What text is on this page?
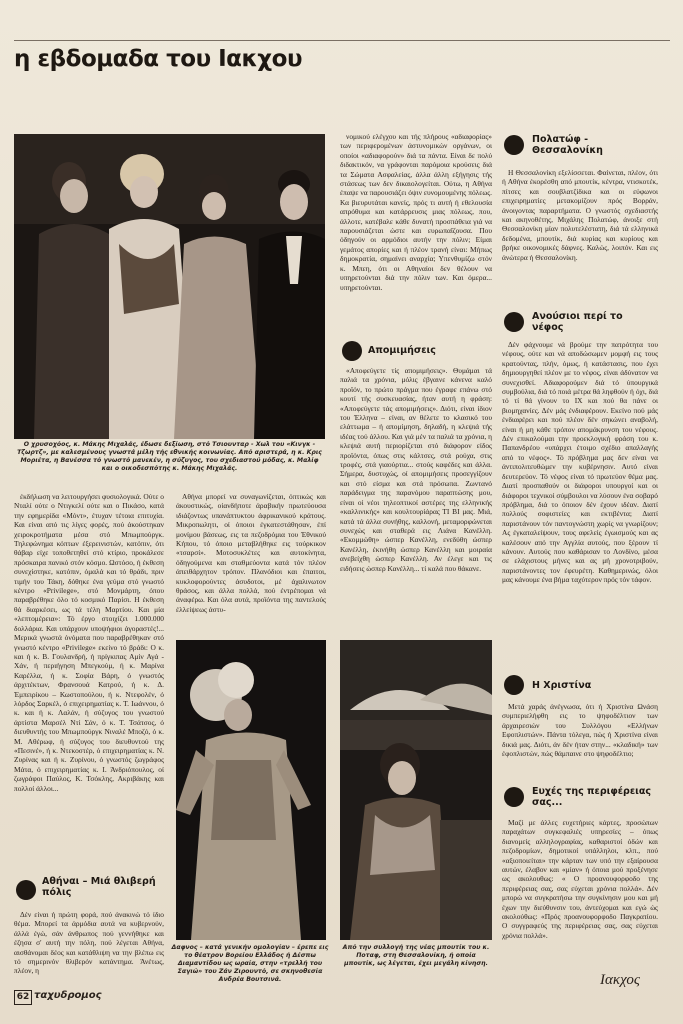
η εβδομαδα του Ιακχου
Ο χρυσοχόος, κ. Μάκης Μιχαλάς, έδωσε δεξίωση, στό Τσιουνταρ - Χωλ του «Κινγκ - Τζωρτζ», με καλεσμένους γνωστά μέλη τής εθνικής κοινωνίας. Από αριστερά, η κ. Κρις Μοριέτα, η Βανέσσα τό γνωστό μανεκέν, η σύζυγος, του σχεδιαστού μόδας, κ. Μαλίφ και ο οικοδεσπότης κ. Μάκης Μιχαλάς.

νομικού ελέγχου και τής πλήρους «αδιαφορίας» των περιφερομένων άστυνομικών οργάνων, οι οποίοι «αδιαφορούν» διά τα πάντα. Είναι δε πολύ διδακτικόν, να γράφονται παρόμοια κρούσεις διά τα Σώματα Ασφαλείας, άλλα άλλη εξήγησις τής στάσεως των δεν δικαιολογείται. Ούτω, η Αθήνα έπαψε να παρουσιάζει όψιν ευνομουμένης πόλεως. Κα βιευρυτάται κανείς, πρός τι αυτή ή εθελουσία απρόθυμα και κατάρρευσις μιας πόλεως, που, άλλοτε, κατέβαλε κάθε δυνατή προσπάθεια γιά να παρουσιάζεται ώστε και ευρωπαΐζουσα. Που όδηγούν οι αρμόδιοι αυτήν την πόλιν; Είμαι γεμάτος απορίες και ή πλέον τρανή είναι: Μήπως δημοκρατία, σημαίνει αναρχία; Υπενθυμίζω στόν κ. Μπεη, ότι οι Αθηναίοι δεν θέλουν να υπηρετούνται διά την πόλιν των. Και όμερα... υπηρετούνται.

Απομιμήσεις

«Αποφεύγετε τίς απομιμήσεις». Θυμάμαι τά παλιά τα χρόνια, μόλις έβγαινε κάνενα καλό προϊόν, το πρώτο πράγμα που έγραφε επάνω στό κουτί τής συσκευασίας, ήταν αυτή η φράση: «Αποφεύγετε τάς απομιμήσεις». Διότι, είναι ίδιον του Έλληνα – είναι, αν θέλετε το κλασικό του ελάττωμα – ή απομίμηση, δηλαδή, η κλεψιά τής ιδέας τού άλλου. Και γιά μέν τα παλιά τα χρόνια, η κλεψιά αυτή περιορίζεται στό διάφορον είδος προϊόντα, όπως στις κάλτσες, στά ρούχα, στις τροφές, στά γιαούρτια... στούς καφέδες και άλλα. Σήμερα, δυστυχώς, οί απομιμήσεις προσεγγίζουν και στό είσμα και στά πρόσωπα. Ζωντανό παράδειγμα της παρανόμου παραπτώσης μου, είναι οί νέοι τηλεοπτικοί αστέρες της ελληνικής «καλλινικής» και κουλτουρίάρας ΤΙ ΒΙ μας. Μιά, κατά τά άλλα συνήθης, καλλονή, μεταμορφώνεται συνεχώς και σταθερά εις Λιάνα Κανέλλη. «Εκομμώθη» ώσπερ Κανέλλη, ενεδύθη ώσπερ Κανέλλη, έκινήθη ώσπερ Κανέλλη και μοιραία ανεβείχθη ώσπερ Κανέλλη. Αν έλεγε και τις ειδήσεις ώσπερ Κανέλλη... τί καλά που θάκανε.

Πολατώφ - Θεσσαλονίκη

Η Θεσσαλονίκη εξελίσσεται. Φαίνεται, πλέον, ότι ή Αθήνα έκορέσθη από μπουτίκ, κέντρα, ντισκοτέκ, πίτσες και σουβλατζίδικα και οι εύφωνοι επιχειρηματίες μετακομίζουν πρός Βορράν, άνοιγοντας παραρτήματα. Ο γνωστός σχεδιαστής και ακηνοθέτης, Μιχάλης Πολατώφ, άνοιξε στή Θεσσαλονίκη μίαν πολυτελέστατη, διά τά ελληνικά δεδομένα, μπουτίκ, διά κυρίας και κυρίους και βρήκε οικονομικές δάφνες. Καλώς, λοιπόν. Και εις άνώτερα ή Θεσσαλονίκη.

Ανούσιοι περί το νέφος

Δέν φάχνουμε νά βρούμε την πατρότητα του νέφους, ούτε και νά αποδώσωμεν μομφή εις τους κρατούντας, πλήν, όμως, ή κατάστασις, που έχει δημιουργηθεί πλέον με το νέφος, είναι άδύνατον να συνεχισθεί. Αδιαφορούμεν διά τό ύπουργικά συμβούλια, διά τό ποιά μέτρα θά ληφθούν ή όχι, διά τό τί θά γίνουν το ΙΧ και πού θα πάνε οι βιομηχανίες. Δέν μάς ένδιαφέρουν. Εκείνο πού μάς ένδιαφέρει και πού πλέον δέν σηκώνει αναβολή, είναι ή μη κάθε τρόπον απομάκρυνση του νέφους. Δέν επικαλούμαι την προεκλογική φράση του κ. Παπανδρέου «υπάρχει έτοιμο σχέδιο απαλλαγής από το νέφος». Τό πρόβλημα μας δεν είναι να άντιπολιτευθώμεν την κυβέρνησιν. Αυτό είναι δευτερεύον. Τό νέφος είναι τό πρωτεύον θέμα μας. Διατί προσπαθούν οι διάφοροι υπουργοί και οι διάφοροι τεχνικοί σύμβουλοι να λύσουν ένα σοβαρό πρόβλημα, διά το όποιον δέν έχουν ιδέαν. Διατί πολλούς σοφιστείες και εκτιβέντα; Διατί παριστάνουν τόν παντογνώστη χωρίς να γνωρίζουν; Ας έγκαταλείψουν, τους αφελείς έγωισμούς και ας καλέσουν από την Αγγλία αυτούς, που ξέρουν τί κάνουν. Αυτούς που καθάρισαν το Λονδίνο, μέσα σε ελάχιστους μήνες και ας μή χρονοτριβούν, παριστάνοντες τον έφευρέτη. Καθημερινώς, όλοι μας κάνουμε ένα βήμα ταχύτερον πρός τόν τάφον.

Η Χριστίνα

Μετά χαράς άνέγνωσα, ότι ή Χριστίνα Ωνάση συμπεριελήφθη εις το ψηφοδέλτιον των άρχαιρεσιών του Συλλόγου «Ελλήνων Εφοπλιστών». Πάντα τόλεγα, πώς ή Χριστίνα είναι δικιά μας. Διότι, άν δέν ήταν στην... «κλαδική» των έφοπλιστών, πώς θάμπαινε στο ψηφοδέλτιο;

Ευχές της περιφέρειας σας...

Μαζί με άλλες ευχετήριες κάρτες, προσώπων παραχάτων συγκεφαλιές υπηρεσίες – όπως διανομείς αλληλογραφίας, καθαριστοί όδών και πεζοδρομίων, δημοτικοί υπάλληλοι, κλπ., πού «αξιοποιείται» την κάρταν των υπό την εξαίρουσα αυτών, έλαβον και «μίαν» ή όποια μού προξένησε ως ακολουθως: « Ο προανουφορφοδο της περιφέρειας σας, σας εύχεται χρόνια πολλά». Δέν μπορώ να συγκρατήσω την συγκίνησιν μου και μή έχων την διεύθυνσιν του, άντεύχομαι και εγώ ώς ακολούθως: «Πρός προανουφορφοδο Παγκρατίου. Ο συγγραφεύς της περιφέρειας σας, σας εύχεται χρόνια πολλά».

Ιακχος

έκδήλωση να λειτουργήσει φυσιολογικά. Ούτε ο Νταλί ούτε ο Ντιγκελί ούτε και ο Πικάσο, κατά την εφημερίδα «Μόντ», έτυχαν τέτοια επιτυχία. Και είναι από τις λίγες φορές, πού άκούστηκαν χειροκροτήματα μέσα στό Μπωμπούργκ. Τηλεφώνημα κόπτων έξερεινιστών, κατόπιν, ότι θάβαρ είχε τοποθετηθεί στό κτίριο, προκάλεσε πρόσκαιρα πανικό στόν κόσμο. Ωστόσο, ή έκθεση συνεχίστηκε, κατόπιν, όμαλά και τό θράδι, πριν τιμήν του Τάκη, δόθηκε ένα γεύμα στό γνωστό κέντρο «Privilege», στό Μονμάρτη, όπου παραβρέθηκε όλο τό κοσμικό Παρίσι. Η έκθεση θά διαρκέσει, ως τά τέλη Μαρτίου. Και μία «λεπτομέρεια»: Τό έργο στοιχίζει 1.000.000 δολλάρια. Και υπάρχουν υποψήφιοι άγοραστές!... Μερικά γνωστά όνόματα που παραβρέθηκαν στό γνωστό κέντρο «Privilege» εκείνο τό βράδι: Ο κ. και ή κ. Β. Γουλανδρή, ή πρίγκιπας Αμίν Αγά - Χάν, ή περιήγηση Μπεγκούμ, ή κ. Μαρίνα Καρέλλα, ή κ. Σοφία Βάρη, ό γνωστός άρχιτέκτων, Φρανσουά Κατρού, ή κ. Δ. Έμπειρίκου – Κωστοπούλου, ή κ. Ντεφολέν, ό λόρδος Σαρκέλ, ό επιχειρηματίας κ. Τ. Ιωάννου, ό κ. και ή κ. Λαλάν, ή σύζυγος του γνωστού άρτίστα Μαρσέλ Ντί Σάν, ό κ. Τ. Τσάτσος, ό διευθυντής του Μπωμπούργκ Νιναλέ Μποζό, ό κ. Μ. Αθέρωφ, ή σύζυγος του διευθυντού της «Πεσινέ», ή κ. Ντεκοστέρ, ό επιχειρηματίας κ. Ν. Ζυρίνας και ή κ. Ζυρίνου, ό γνωστός ζωγράφος Μάτα, ό επιχειρηματίας κ. Ι. Άνδριόπουλος, οί ζωγράφοι Παύλος, Κ. Τσόκλης, Ακριβάκης και πολλοί άλλοι...

Αθήναι – Μιά θλιβερή πόλις

Δέν είναι ή πρώτη φορά, πού άνακινώ τό ίδιο θέμα. Μπορεί τα άρμόδια αυτά να κυβερνούν, άλλά έγώ, σάν άνθρωπος πού γεννήθηκε και έζησα σ' αυτή την πόλη, πού λέγεται Αθήνα, αισθάνομαι δέος και κατάθλιψη να την βλέπω εις τό σημερινόν θλιβερόν κατάντημα. Άνέτως, πλέον, η

Αθήνα μπορεί να συναγωνίζεται, όπτικώς και άκουστικώς, οίανδήποτε άραβικήν πρωτεύουσα ιδιάζοντως υπανάπτυκτου άφρικανικού κράτους. Μικροπωλητι, οί όποιοι έγκατεστάθησαν, έπί μονίμου βάσεως, εις τα πεζοδρόμια του Έθνικού Κήπου, τό όποιο μεταβλήθηκε εις τούρκικον «τσαρσί». Μοτοσυκλέτες και αυτοκίνητα, όδηγούμενα και σταθμεύοντα κατά τόν πλέον άπειθάρχητον τρόπον. Πλανόδιοι και έπαιτοι, κυκλοφορούντες άσυδοτοι, μέ άχαλινωτον θράσος, και άλλα πολλά, πού έντρέπομαι νά άναφέρω. Και όλα αυτά, προϊόντα της παντελούς έλλείψεως άστυ-

Δαφνος – κατά γενικήν ομολογίαν – έρεπε εις το θέατρον Βορείου Ελλάδος ή Δέσπω Διαμαντίδου ως ωραία, στην «τρελλή του Σαγιώ» του Ζάν Ζιρουντό, σε σκηνοθεσία Ανδρέα Βουτσινά.
Από την συλλογή της νέας μπουτίκ του κ. Ποταφ, στη Θεσσαλονίκη, ή οποία μπουτίκ, ως λέγεται, έχει μεγάλη κίνηση.
62 ταχυδρομος
